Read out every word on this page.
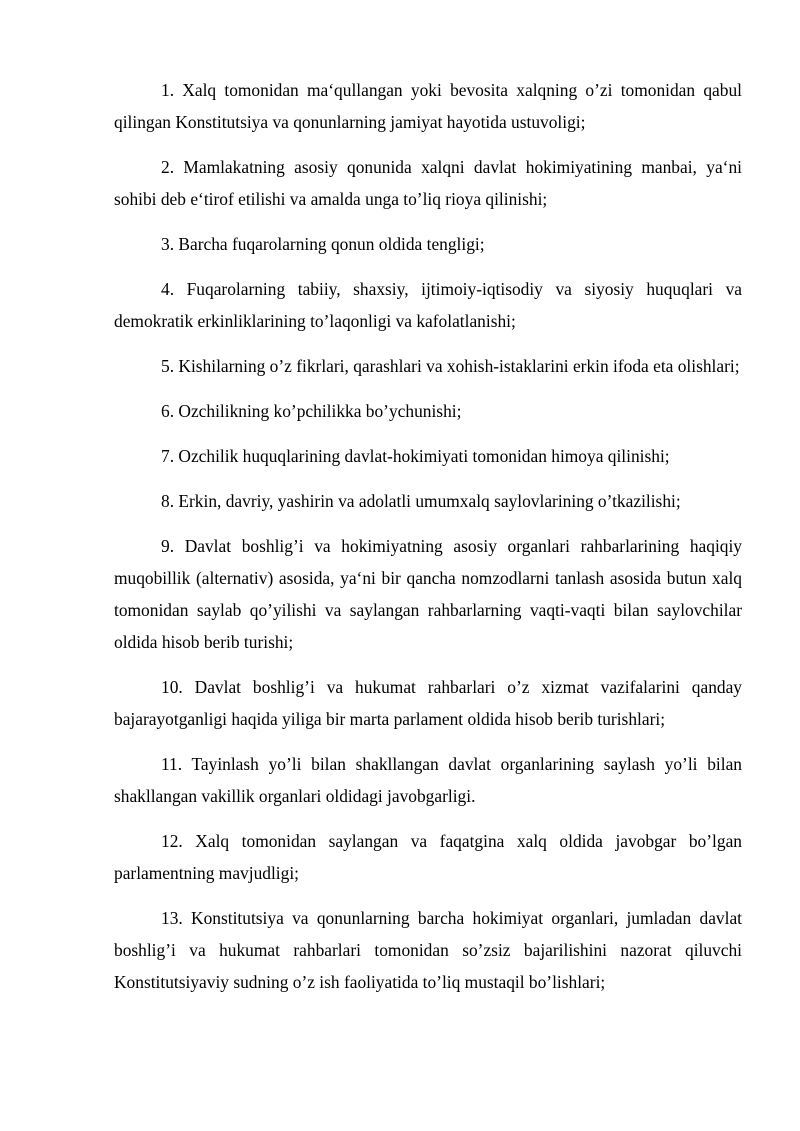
1. Xalq tomonidan ma‘qullangan yoki bevosita xalqning o’zi tomonidan qabul qilingan Konstitutsiya va qonunlarning jamiyat hayotida ustuvoligi;

2. Mamlakatning asosiy qonunida xalqni davlat hokimiyatining manbai, ya‘ni sohibi deb e‘tirof etilishi va amalda unga to’liq rioya qilinishi;

3. Barcha fuqarolarning qonun oldida tengligi;

4. Fuqarolarning tabiiy, shaxsiy, ijtimoiy-iqtisodiy va siyosiy huquqlari va demokratik erkinliklarining to’laqonligi va kafolatlanishi;

5. Kishilarning o’z fikrlari, qarashlari va xohish-istaklarini erkin ifoda eta olishlari;

6. Ozchilikning ko’pchilikka bo’ychunishi;

7. Ozchilik huquqlarining davlat-hokimiyati tomonidan himoya qilinishi;

8. Erkin, davriy, yashirin va adolatli umumxalq saylovlarining o’tkazilishi;

9. Davlat boshlig’i va hokimiyatning asosiy organlari rahbarlarining haqiqiy muqobillik (alternativ) asosida, ya‘ni bir qancha nomzodlarni tanlash asosida butun xalq tomonidan saylab qo’yilishi va saylangan rahbarlarning vaqti-vaqti bilan saylovchilar oldida hisob berib turishi;

10. Davlat boshlig’i va hukumat rahbarlari o’z xizmat vazifalarini qanday bajarayotganligi haqida yiliga bir marta parlament oldida hisob berib turishlari;

11. Tayinlash yo’li bilan shakllangan davlat organlarining saylash yo’li bilan shakllangan vakillik organlari oldidagi javobgarligi.

12. Xalq tomonidan saylangan va faqatgina xalq oldida javobgar bo’lgan parlamentning mavjudligi;

13. Konstitutsiya va qonunlarning barcha hokimiyat organlari, jumladan davlat boshlig’i va hukumat rahbarlari tomonidan so’zsiz bajarilishini nazorat qiluvchi Konstitutsiyaviy sudning o’z ish faoliyatida to’liq mustaqil bo’lishlari;
